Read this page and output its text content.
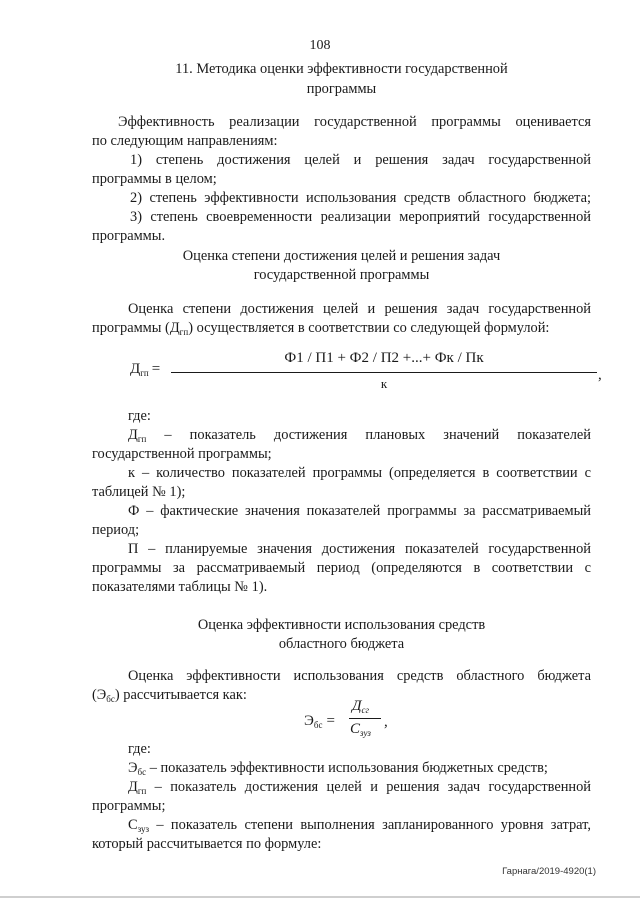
108
11. Методика оценки эффективности государственной
программы
Эффективность реализации государственной программы оценивается
по следующим направлениям:
1) степень достижения целей и решения задач государственной
программы в целом;
2) степень эффективности использования средств областного бюджета;
3) степень своевременности реализации мероприятий государственной
программы.
Оценка степени достижения целей и решения задач
государственной программы
Оценка степени достижения целей и решения задач государственной
программы $(Д_{гп})$ осуществляется в соответствии со следующей формулой:
$Д_{гп}$ =
Ф1 / П1 + Ф2 / П2 +...+ Фк / Пк
,
к
где:
$Д_{гп}$ – показатель достижения плановых значений показателей
государственной программы;
к – количество показателей программы (определяется в соответствии с
таблицей № 1);
Ф – фактические значения показателей программы за рассматриваемый
период;
П – планируемые значения достижения показателей государственной
программы за рассматриваемый период (определяются в соответствии с
показателями таблицы № 1).
Оценка эффективности использования средств
областного бюджета
Оценка эффективности использования средств областного бюджета
$(Э_{бс})$ рассчитывается как:
$Э_{бс}$ =
$Д_{сг}$
$С_{зуз}$
,
где:
$Э_{бс}$ – показатель эффективности использования бюджетных средств;
$Д_{гп}$ – показатель достижения целей и решения задач государственной
программы;
$С_{зуз}$ – показатель степени выполнения запланированного уровня затрат,
который рассчитывается по формуле:
Гарнага/2019-4920(1)
